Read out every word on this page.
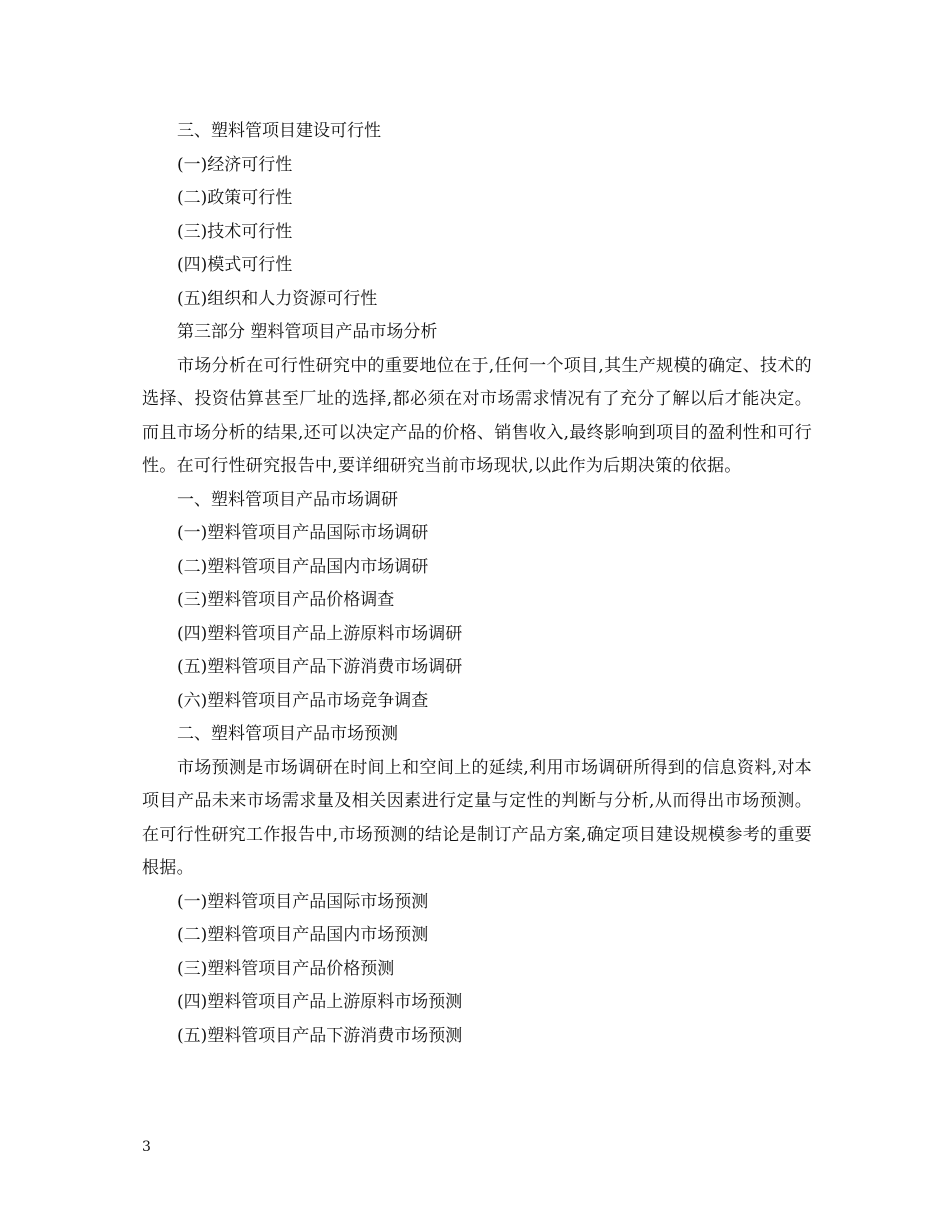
三、塑料管项目建设可行性
(一)经济可行性
(二)政策可行性
(三)技术可行性
(四)模式可行性
(五)组织和人力资源可行性
第三部分 塑料管项目产品市场分析

市场分析在可行性研究中的重要地位在于,任何一个项目,其生产规模的确定、技术的选择、投资估算甚至厂址的选择,都必须在对市场需求情况有了充分了解以后才能决定。而且市场分析的结果,还可以决定产品的价格、销售收入,最终影响到项目的盈利性和可行性。在可行性研究报告中,要详细研究当前市场现状,以此作为后期决策的依据。

一、塑料管项目产品市场调研
(一)塑料管项目产品国际市场调研
(二)塑料管项目产品国内市场调研
(三)塑料管项目产品价格调查
(四)塑料管项目产品上游原料市场调研
(五)塑料管项目产品下游消费市场调研
(六)塑料管项目产品市场竞争调查
二、塑料管项目产品市场预测

市场预测是市场调研在时间上和空间上的延续,利用市场调研所得到的信息资料,对本项目产品未来市场需求量及相关因素进行定量与定性的判断与分析,从而得出市场预测。在可行性研究工作报告中,市场预测的结论是制订产品方案,确定项目建设规模参考的重要根据。

(一)塑料管项目产品国际市场预测
(二)塑料管项目产品国内市场预测
(三)塑料管项目产品价格预测
(四)塑料管项目产品上游原料市场预测
(五)塑料管项目产品下游消费市场预测
3
